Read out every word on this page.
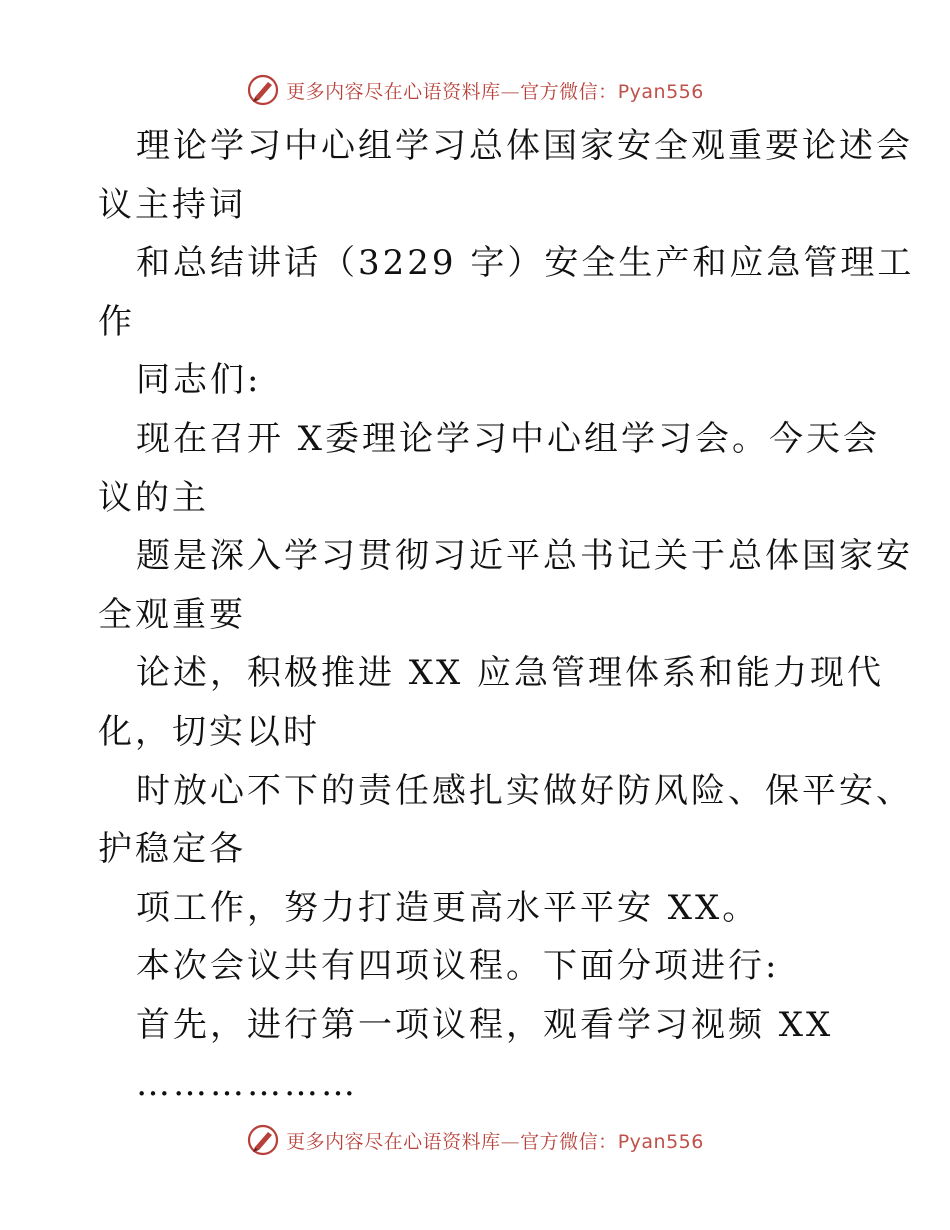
更多内容尽在心语资料库—官方微信：Pyan556

理论学习中心组学习总体国家安全观重要论述会

议主持词

和总结讲话（3229 字）安全生产和应急管理工

作

同志们:

现在召开 X委理论学习中心组学习会。今天会

议的主

题是深入学习贯彻习近平总书记关于总体国家安

全观重要

论述，积极推进 XX 应急管理体系和能力现代

化，切实以时

时放心不下的责任感扎实做好防风险、保平安、

护稳定各

项工作，努力打造更高水平平安 XX。

本次会议共有四项议程。下面分项进行:

首先，进行第一项议程，观看学习视频 XX

………………

更多内容尽在心语资料库—官方微信：Pyan556
